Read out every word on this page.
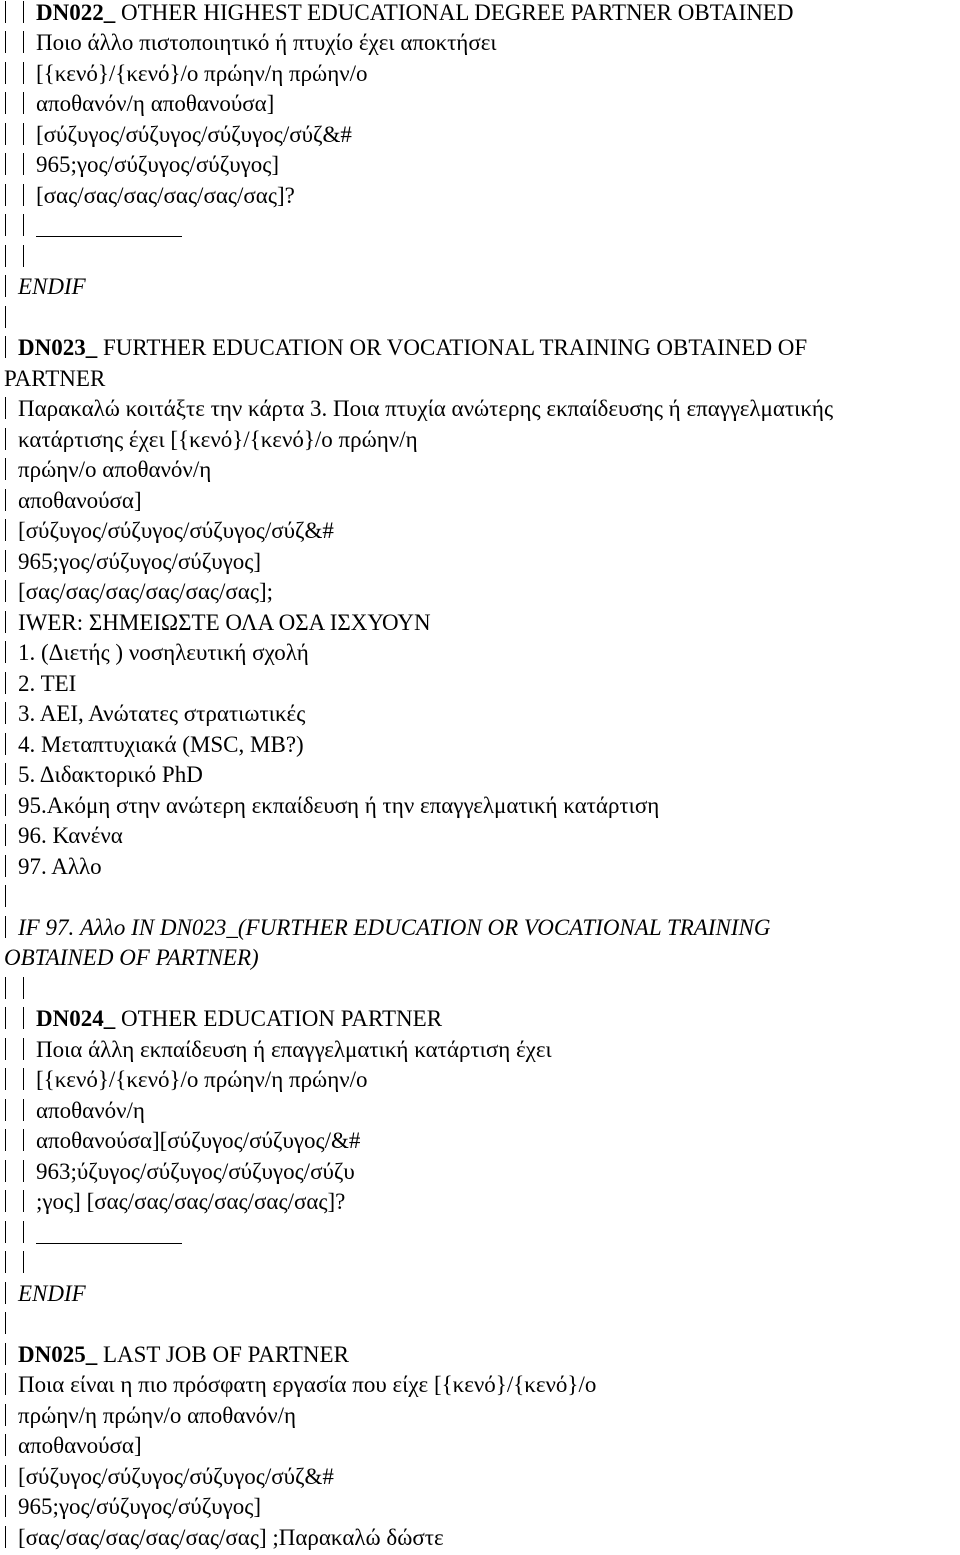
DN022_ OTHER HIGHEST EDUCATIONAL DEGREE PARTNER OBTAINED
Ποιο άλλο πιστοποιητικό ή πτυχίο έχει αποκτήσει
[{κενό}/{κενό}/ο πρώην/η πρώην/ο
αποθανόν/η αποθανούσα]
[σύζυγος/σύζυγος/σύζυγος/σύζ&#
965;γος/σύζυγος/σύζυγος]
[σας/σας/σας/σας/σας/σας]?
ENDIF
DN023_ FURTHER EDUCATION OR VOCATIONAL TRAINING OBTAINED OF
PARTNER
Παρακαλώ κοιτάξτε την κάρτα 3. Ποια πτυχία ανώτερης εκπαίδευσης ή επαγγελματικής
κατάρτισης έχει [{κενό}/{κενό}/ο πρώην/η
πρώην/ο αποθανόν/η
αποθανούσα]
[σύζυγος/σύζυγος/σύζυγος/σύζ&#
965;γος/σύζυγος/σύζυγος]
[σας/σας/σας/σας/σας/σας];
IWER: ΣΗΜΕΙΩΣΤΕ ΟΛΑ ΟΣΑ ΙΣΧΥΟΥΝ
1. (Διετής ) νοσηλευτική σχολή
2. ΤΕΙ
3. ΑΕΙ, Ανώτατες στρατιωτικές
4. Μεταπτυχιακά (MSC, MB?)
5. Διδακτορικό PhD
95.Ακόμη στην ανώτερη εκπαίδευση ή την επαγγελματική κατάρτιση
96. Κανένα
97. Αλλο
IF 97. Αλλο IN DN023_(FURTHER EDUCATION OR VOCATIONAL TRAINING
OBTAINED OF PARTNER)
DN024_ OTHER EDUCATION PARTNER
Ποια άλλη εκπαίδευση ή επαγγελματική κατάρτιση έχει
[{κενό}/{κενό}/ο πρώην/η πρώην/ο
αποθανόν/η
αποθανούσα][σύζυγος/σύζυγος/&#
963;ύζυγος/σύζυγος/σύζυγος/σύζυ
;γος] [σας/σας/σας/σας/σας/σας]?
ENDIF
DN025_ LAST JOB OF PARTNER
Ποια είναι η πιο πρόσφατη εργασία που είχε [{κενό}/{κενό}/ο
πρώην/η πρώην/ο αποθανόν/η
αποθανούσα]
[σύζυγος/σύζυγος/σύζυγος/σύζ&#
965;γος/σύζυγος/σύζυγος]
[σας/σας/σας/σας/σας/σας] ;Παρακαλώ δώστε
